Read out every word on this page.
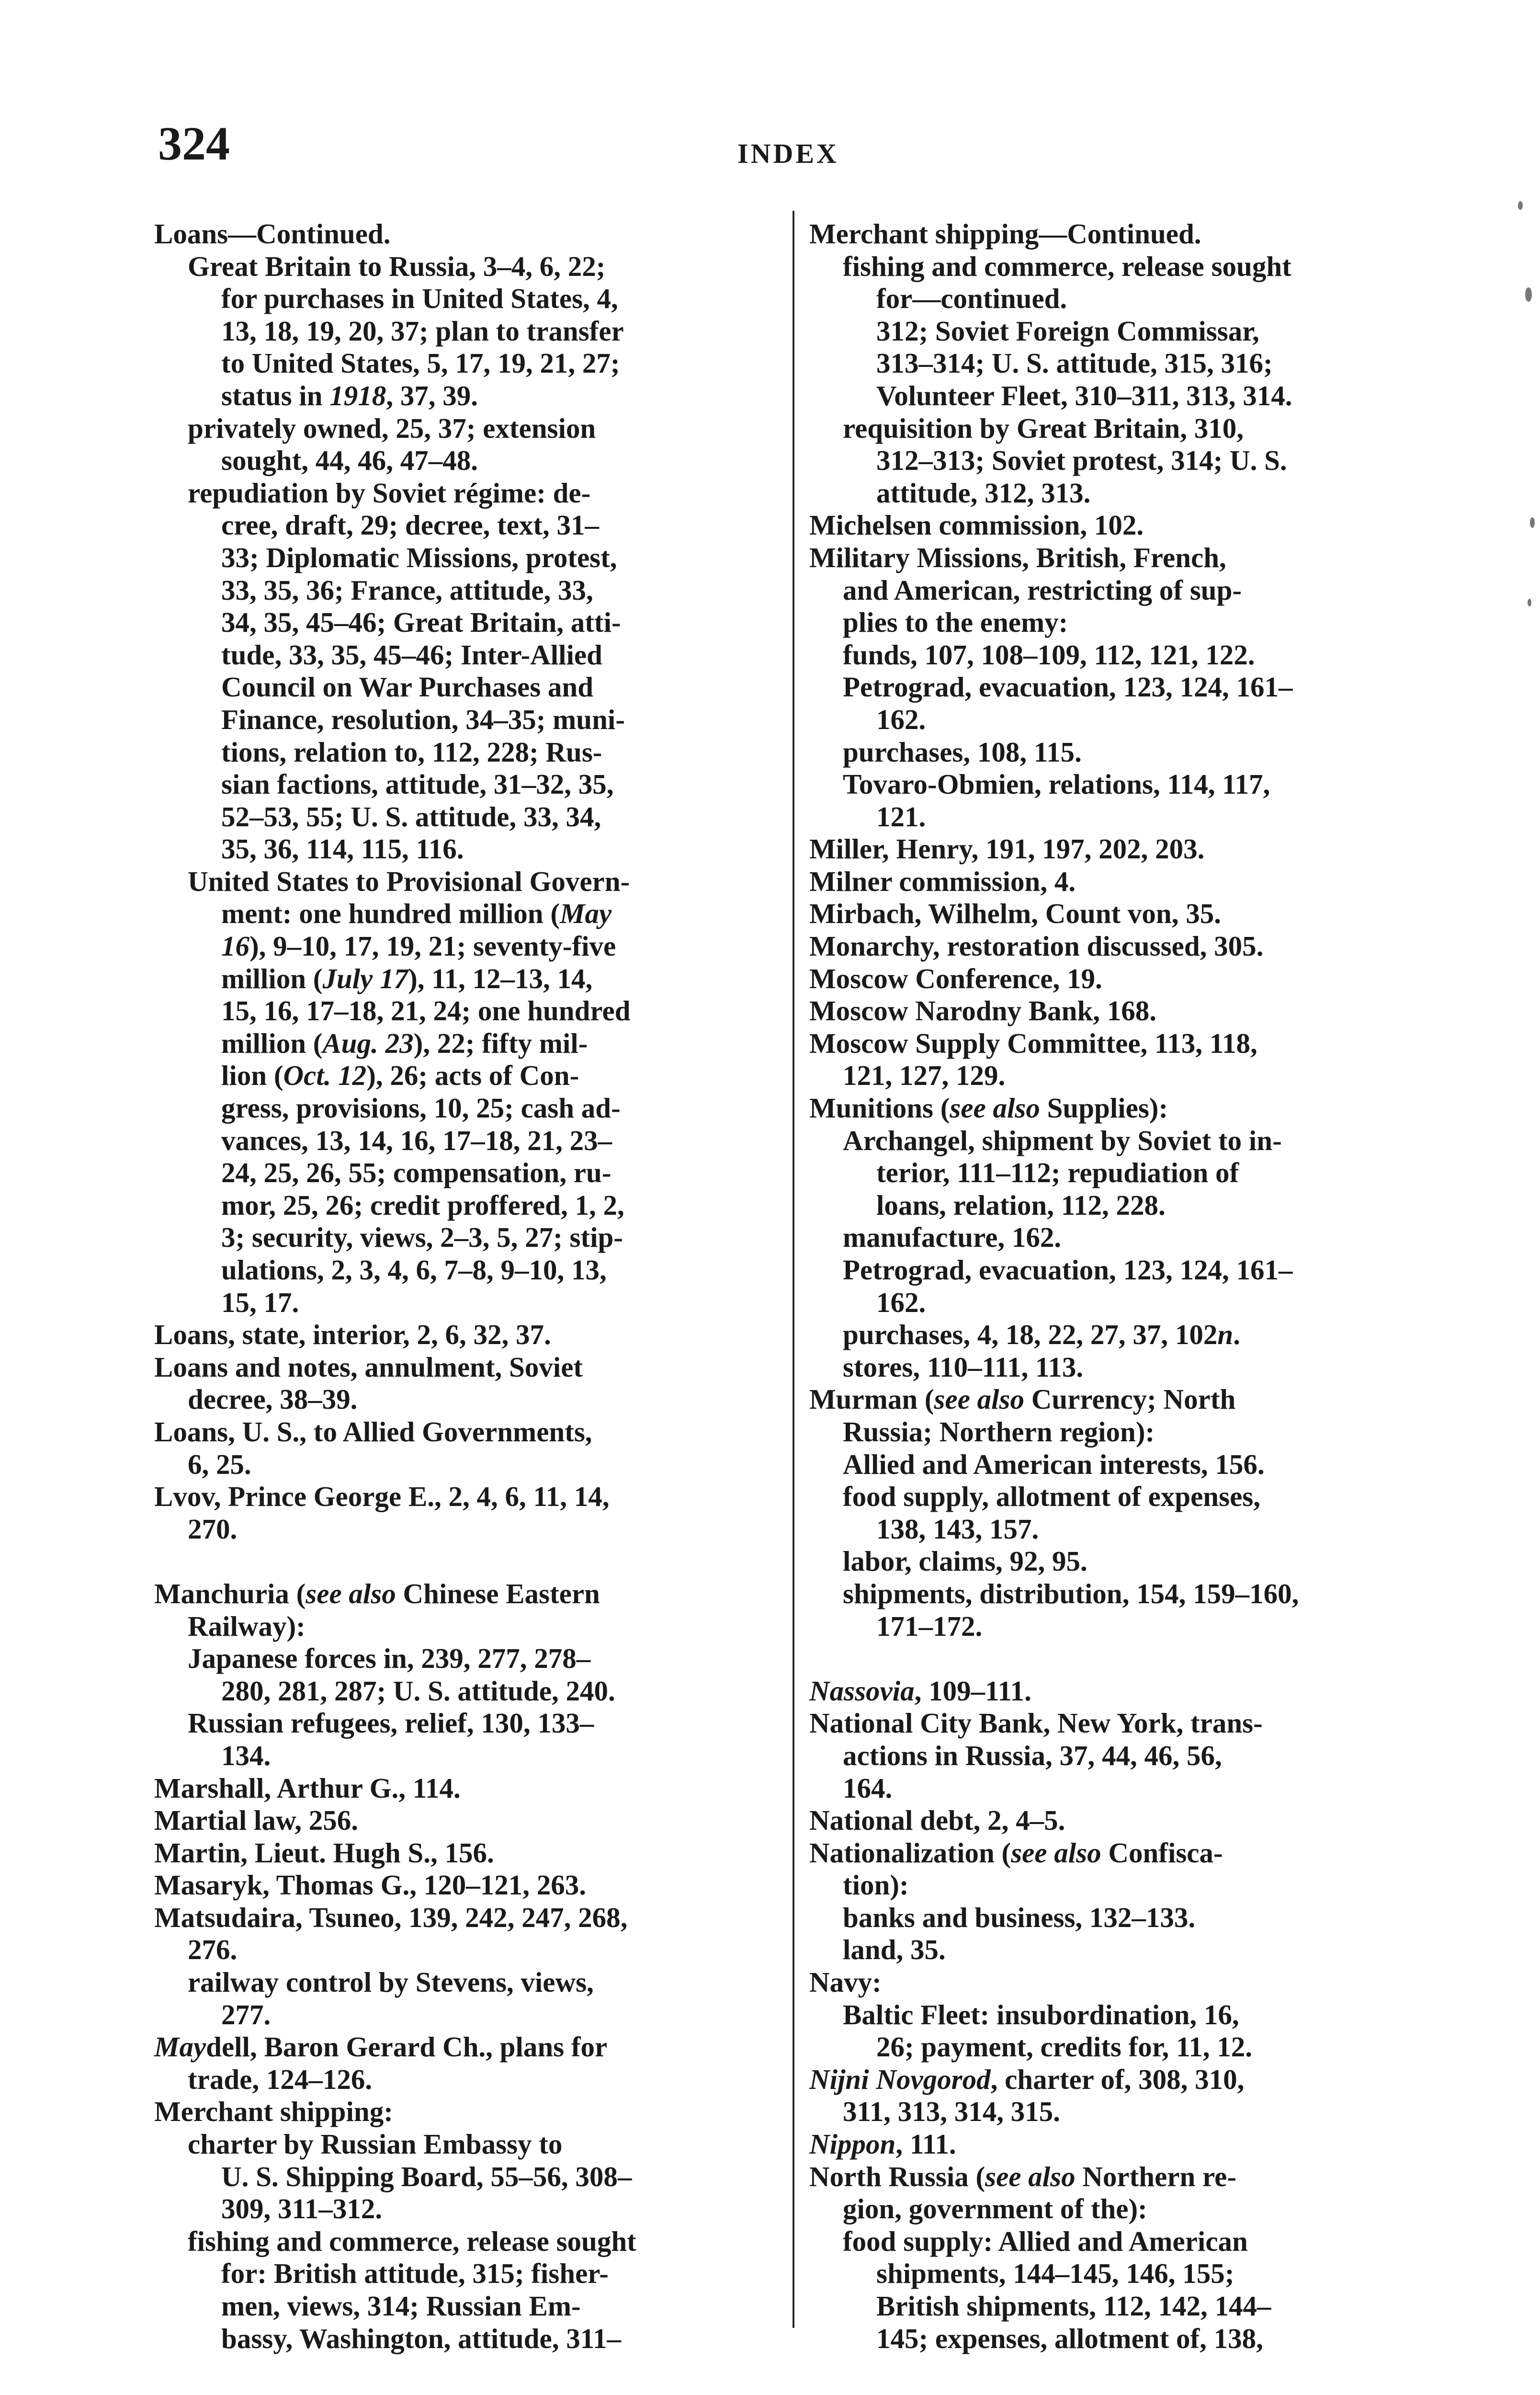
324	INDEX
Loans—Continued.
Great Britain to Russia, 3–4, 6, 22;
for purchases in United States, 4,
13, 18, 19, 20, 37; plan to transfer
to United States, 5, 17, 19, 21, 27;
status in 1918, 37, 39.
privately owned, 25, 37; extension
sought, 44, 46, 47–48.
repudiation by Soviet régime: de-
cree, draft, 29; decree, text, 31–
33; Diplomatic Missions, protest,
33, 35, 36; France, attitude, 33,
34, 35, 45–46; Great Britain, atti-
tude, 33, 35, 45–46; Inter-Allied
Council on War Purchases and
Finance, resolution, 34–35; muni-
tions, relation to, 112, 228; Rus-
sian factions, attitude, 31–32, 35,
52–53, 55; U. S. attitude, 33, 34,
35, 36, 114, 115, 116.
United States to Provisional Govern-
ment: one hundred million (May
16), 9–10, 17, 19, 21; seventy-five
million (July 17), 11, 12–13, 14,
15, 16, 17–18, 21, 24; one hundred
million (Aug. 23), 22; fifty mil-
lion (Oct. 12), 26; acts of Con-
gress, provisions, 10, 25; cash ad-
vances, 13, 14, 16, 17–18, 21, 23–
24, 25, 26, 55; compensation, ru-
mor, 25, 26; credit proffered, 1, 2,
3; security, views, 2–3, 5, 27; stip-
ulations, 2, 3, 4, 6, 7–8, 9–10, 13,
15, 17.
Loans, state, interior, 2, 6, 32, 37.
Loans and notes, annulment, Soviet
decree, 38–39.
Loans, U. S., to Allied Governments,
6, 25.
Lvov, Prince George E., 2, 4, 6, 11, 14,
270.
Manchuria (see also Chinese Eastern
Railway):
Japanese forces in, 239, 277, 278–
280, 281, 287; U. S. attitude, 240.
Russian refugees, relief, 130, 133–
134.
Marshall, Arthur G., 114.
Martial law, 256.
Martin, Lieut. Hugh S., 156.
Masaryk, Thomas G., 120–121, 263.
Matsudaira, Tsuneo, 139, 242, 247, 268,
276.
railway control by Stevens, views,
277.
Maydell, Baron Gerard Ch., plans for
trade, 124–126.
Merchant shipping:
charter by Russian Embassy to
U. S. Shipping Board, 55–56, 308–
309, 311–312.
fishing and commerce, release sought
for: British attitude, 315; fisher-
men, views, 314; Russian Em-
bassy, Washington, attitude, 311–
Merchant shipping—Continued.
fishing and commerce, release sought
for—continued.
312; Soviet Foreign Commissar,
313–314; U. S. attitude, 315, 316;
Volunteer Fleet, 310–311, 313, 314.
requisition by Great Britain, 310,
312–313; Soviet protest, 314; U. S.
attitude, 312, 313.
Michelsen commission, 102.
Military Missions, British, French,
and American, restricting of sup-
plies to the enemy:
funds, 107, 108–109, 112, 121, 122.
Petrograd, evacuation, 123, 124, 161–
162.
purchases, 108, 115.
Tovaro-Obmien, relations, 114, 117,
121.
Miller, Henry, 191, 197, 202, 203.
Milner commission, 4.
Mirbach, Wilhelm, Count von, 35.
Monarchy, restoration discussed, 305.
Moscow Conference, 19.
Moscow Narodny Bank, 168.
Moscow Supply Committee, 113, 118,
121, 127, 129.
Munitions (see also Supplies):
Archangel, shipment by Soviet to in-
terior, 111–112; repudiation of
loans, relation, 112, 228.
manufacture, 162.
Petrograd, evacuation, 123, 124, 161–
162.
purchases, 4, 18, 22, 27, 37, 102n.
stores, 110–111, 113.
Murman (see also Currency; North
Russia; Northern region):
Allied and American interests, 156.
food supply, allotment of expenses,
138, 143, 157.
labor, claims, 92, 95.
shipments, distribution, 154, 159–160,
171–172.
Nassovia, 109–111.
National City Bank, New York, trans-
actions in Russia, 37, 44, 46, 56,
164.
National debt, 2, 4–5.
Nationalization (see also Confisca-
tion):
banks and business, 132–133.
land, 35.
Navy:
Baltic Fleet: insubordination, 16,
26; payment, credits for, 11, 12.
Nijni Novgorod, charter of, 308, 310,
311, 313, 314, 315.
Nippon, 111.
North Russia (see also Northern re-
gion, government of the):
food supply: Allied and American
shipments, 144–145, 146, 155;
British shipments, 112, 142, 144–
145; expenses, allotment of, 138,
